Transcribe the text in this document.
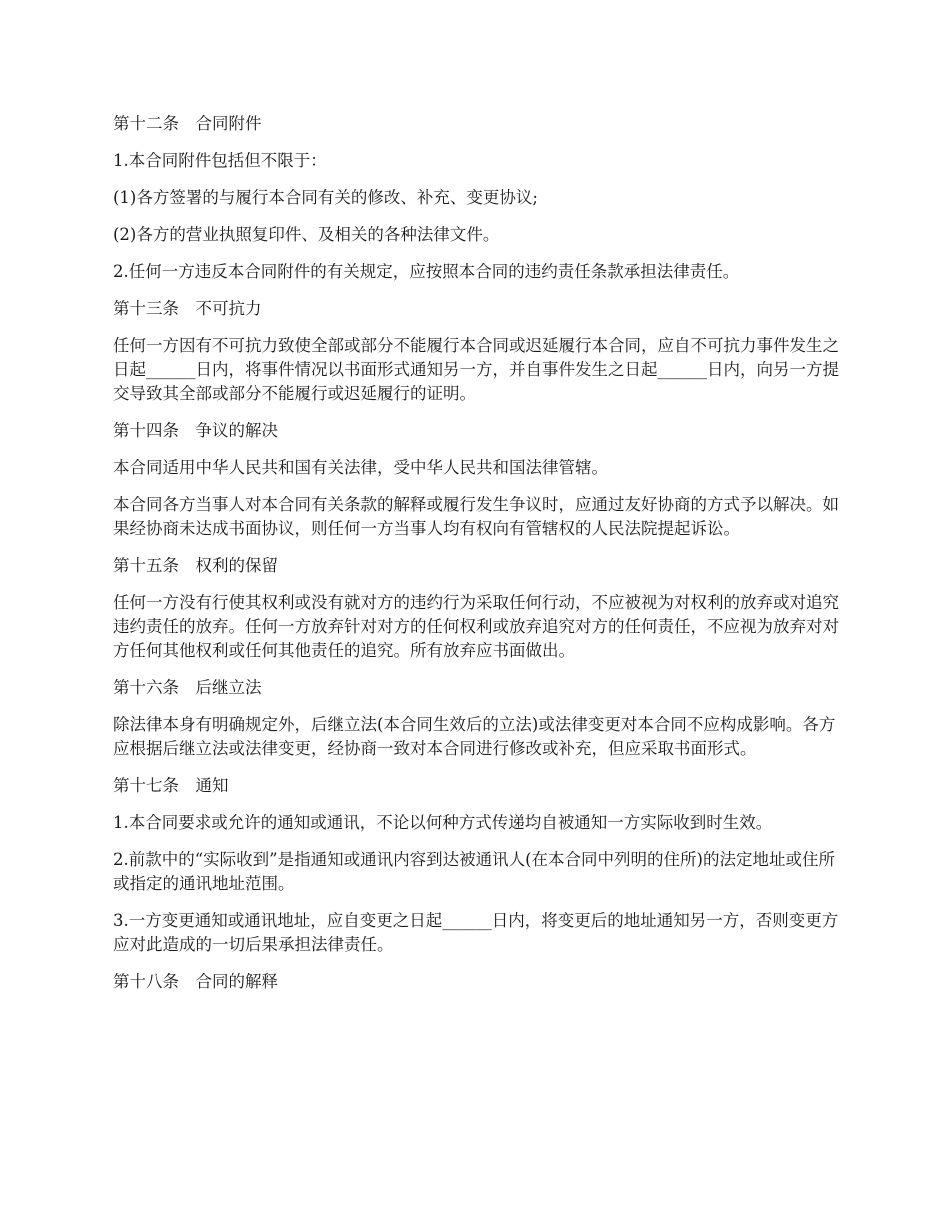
第十二条　合同附件

1.本合同附件包括但不限于：

(1)各方签署的与履行本合同有关的修改、补充、变更协议;

(2)各方的营业执照复印件、及相关的各种法律文件。

2.任何一方违反本合同附件的有关规定，应按照本合同的违约责任条款承担法律责任。

第十三条　不可抗力

任何一方因有不可抗力致使全部或部分不能履行本合同或迟延履行本合同，应自不可抗力事件发生之日起______日内，将事件情况以书面形式通知另一方，并自事件发生之日起______日内，向另一方提交导致其全部或部分不能履行或迟延履行的证明。

第十四条　争议的解决

本合同适用中华人民共和国有关法律，受中华人民共和国法律管辖。

本合同各方当事人对本合同有关条款的解释或履行发生争议时，应通过友好协商的方式予以解决。如果经协商未达成书面协议，则任何一方当事人均有权向有管辖权的人民法院提起诉讼。

第十五条　权利的保留

任何一方没有行使其权利或没有就对方的违约行为采取任何行动，不应被视为对权利的放弃或对追究违约责任的放弃。任何一方放弃针对对方的任何权利或放弃追究对方的任何责任，不应视为放弃对对方任何其他权利或任何其他责任的追究。所有放弃应书面做出。

第十六条　后继立法

除法律本身有明确规定外，后继立法(本合同生效后的立法)或法律变更对本合同不应构成影响。各方应根据后继立法或法律变更，经协商一致对本合同进行修改或补充，但应采取书面形式。

第十七条　通知

1.本合同要求或允许的通知或通讯，不论以何种方式传递均自被通知一方实际收到时生效。

2.前款中的“实际收到”是指通知或通讯内容到达被通讯人(在本合同中列明的住所)的法定地址或住所或指定的通讯地址范围。

3.一方变更通知或通讯地址，应自变更之日起______日内，将变更后的地址通知另一方，否则变更方应对此造成的一切后果承担法律责任。

第十八条　合同的解释
